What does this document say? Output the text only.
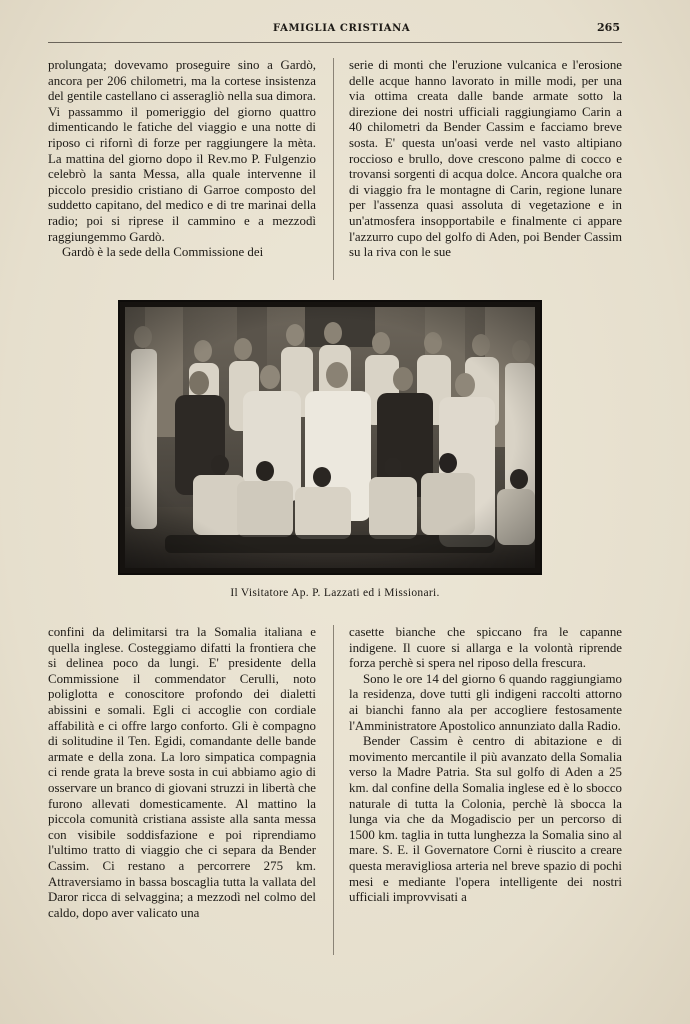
FAMIGLIA CRISTIANA	265

prolungata; dovevamo proseguire sino a Gardò, ancora per 206 chilometri, ma la cortese insistenza del gentile castellano ci asseragliò nella sua dimora. Vi passammo il pomeriggio del giorno quattro dimenticando le fatiche del viaggio e una notte di riposo ci rifornì di forze per raggiungere la mèta. La mattina del giorno dopo il Rev.mo P. Fulgenzio celebrò la santa Messa, alla quale intervenne il piccolo presidio cristiano di Garroe composto del suddetto capitano, del medico e di tre marinai della radio; poi si riprese il cammino e a mezzodì raggiungemmo Gardò.

Gardò è la sede della Commissione dei

serie di monti che l'eruzione vulcanica e l'erosione delle acque hanno lavorato in mille modi, per una via ottima creata dalle bande armate sotto la direzione dei nostri ufficiali raggiungiamo Carin a 40 chilometri da Bender Cassim e facciamo breve sosta. E' questa un'oasi verde nel vasto altipiano roccioso e brullo, dove crescono palme di cocco e trovansi sorgenti di acqua dolce. Ancora qualche ora di viaggio fra le montagne di Carin, regione lunare per l'assenza quasi assoluta di vegetazione e in un'atmosfera insopportabile e finalmente ci appare l'azzurro cupo del golfo di Aden, poi Bender Cassim su la riva con le sue

Il Visitatore Ap. P. Lazzati ed i Missionari.

confini da delimitarsi tra la Somalia italiana e quella inglese. Costeggiamo difatti la frontiera che si delinea poco da lungi. E' presidente della Commissione il commendator Cerulli, noto poliglotta e conoscitore profondo dei dialetti abissini e somali. Egli ci accoglie con cordiale affabilità e ci offre largo conforto. Gli è compagno di solitudine il Ten. Egidi, comandante delle bande armate e della zona. La loro simpatica compagnia ci rende grata la breve sosta in cui abbiamo agio di osservare un branco di giovani struzzi in libertà che furono allevati domesticamente. Al mattino la piccola comunità cristiana assiste alla santa messa con visibile soddisfazione e poi riprendiamo l'ultimo tratto di viaggio che ci separa da Bender Cassim. Ci restano a percorrere 275 km. Attraversiamo in bassa boscaglia tutta la vallata del Daror ricca di selvaggina; a mezzodì nel colmo del caldo, dopo aver valicato una

casette bianche che spiccano fra le capanne indigene. Il cuore si allarga e la volontà riprende forza perchè si spera nel riposo della frescura.

Sono le ore 14 del giorno 6 quando raggiungiamo la residenza, dove tutti gli indigeni raccolti attorno ai bianchi fanno ala per accogliere festosamente l'Amministratore Apostolico annunziato dalla Radio.

Bender Cassim è centro di abitazione e di movimento mercantile il più avanzato della Somalia verso la Madre Patria. Sta sul golfo di Aden a 25 km. dal confine della Somalia inglese ed è lo sbocco naturale di tutta la Colonia, perchè là sbocca la lunga via che da Mogadiscio per un percorso di 1500 km. taglia in tutta lunghezza la Somalia sino al mare. S. E. il Governatore Corni è riuscito a creare questa meravigliosa arteria nel breve spazio di pochi mesi e mediante l'opera intelligente dei nostri ufficiali improvvisati a
